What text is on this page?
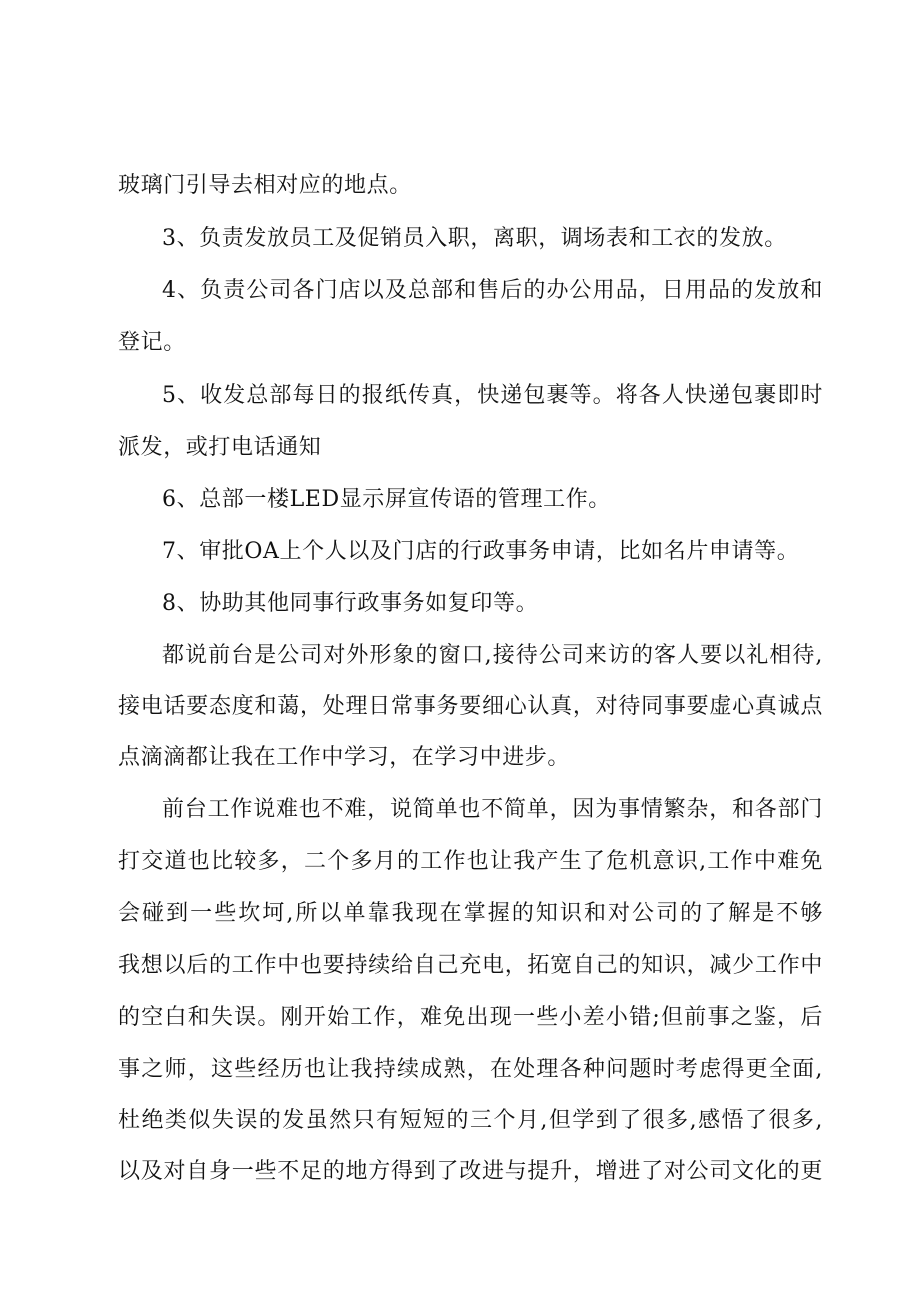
玻璃门引导去相对应的地点。
3、负责发放员工及促销员入职，离职，调场表和工衣的发放。
4、负责公司各门店以及总部和售后的办公用品，日用品的发放和
登记。
5、收发总部每日的报纸传真，快递包裹等。将各人快递包裹即时
派发，或打电话通知
6、总部一楼LED显示屏宣传语的管理工作。
7、审批OA上个人以及门店的行政事务申请，比如名片申请等。
8、协助其他同事行政事务如复印等。
都说前台是公司对外形象的窗口,接待公司来访的客人要以礼相待,
接电话要态度和蔼，处理日常事务要细心认真，对待同事要虚心真诚点
点滴滴都让我在工作中学习，在学习中进步。
前台工作说难也不难，说简单也不简单，因为事情繁杂，和各部门
打交道也比较多，二个多月的工作也让我产生了危机意识,工作中难免
会碰到一些坎坷,所以单靠我现在掌握的知识和对公司的了解是不够
我想以后的工作中也要持续给自己充电，拓宽自己的知识，减少工作中
的空白和失误。刚开始工作，难免出现一些小差小错;但前事之鉴，后
事之师，这些经历也让我持续成熟，在处理各种问题时考虑得更全面,
杜绝类似失误的发虽然只有短短的三个月,但学到了很多,感悟了很多,
以及对自身一些不足的地方得到了改进与提升，增进了对公司文化的更
